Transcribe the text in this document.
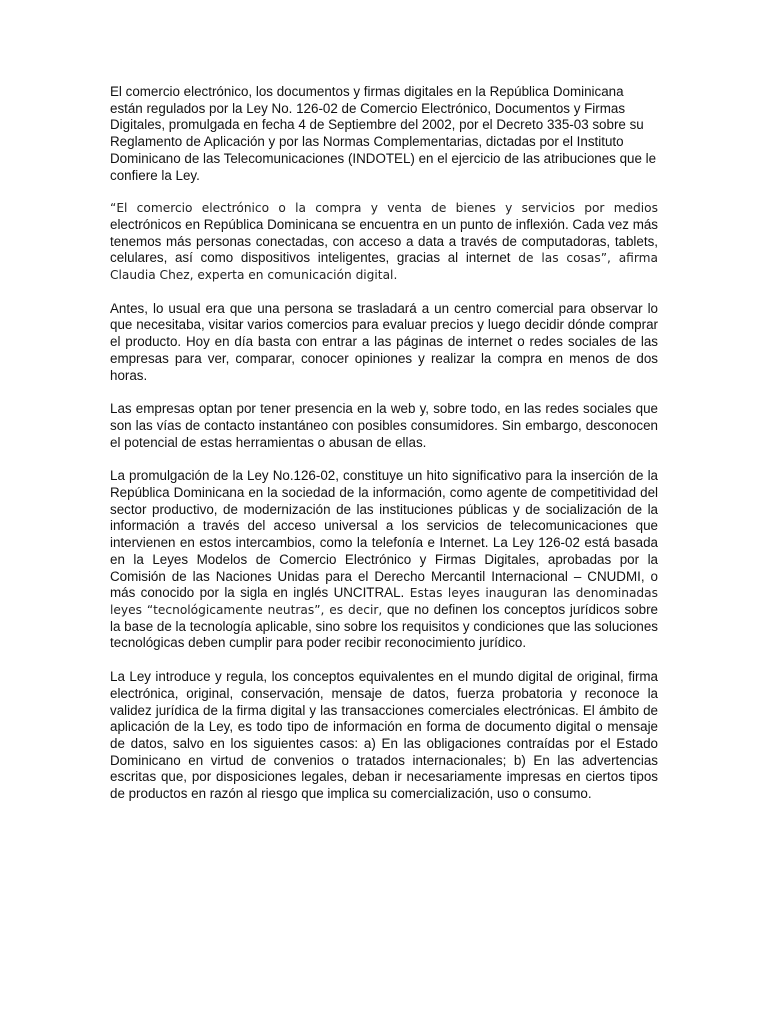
El comercio electrónico, los documentos y firmas digitales en la República Dominicana están regulados por la Ley No. 126-02 de Comercio Electrónico, Documentos y Firmas Digitales, promulgada en fecha 4 de Septiembre del 2002, por el Decreto 335-03 sobre su Reglamento de Aplicación y por las Normas Complementarias, dictadas por el Instituto Dominicano de las Telecomunicaciones (INDOTEL) en el ejercicio de las atribuciones que le confiere la Ley.

“El comercio electrónico o la compra y venta de bienes y servicios por medios electrónicos en República Dominicana se encuentra en un punto de inflexión. Cada vez más tenemos más personas conectadas, con acceso a data a través de computadoras, tablets, celulares, así como dispositivos inteligentes, gracias al internet de las cosas”, afirma Claudia Chez, experta en comunicación digital.

Antes, lo usual era que una persona se trasladará a un centro comercial para observar lo que necesitaba, visitar varios comercios para evaluar precios y luego decidir dónde comprar el producto. Hoy en día basta con entrar a las páginas de internet o redes sociales de las empresas para ver, comparar, conocer opiniones y realizar la compra en menos de dos horas.

Las empresas optan por tener presencia en la web y, sobre todo, en las redes sociales que son las vías de contacto instantáneo con posibles consumidores. Sin embargo, desconocen el potencial de estas herramientas o abusan de ellas.

La promulgación de la Ley No.126-02, constituye un hito significativo para la inserción de la República Dominicana en la sociedad de la información, como agente de competitividad del sector productivo, de modernización de las instituciones públicas y de socialización de la información a través del acceso universal a los servicios de telecomunicaciones que intervienen en estos intercambios, como la telefonía e Internet. La Ley 126-02 está basada en la Leyes Modelos de Comercio Electrónico y Firmas Digitales, aprobadas por la Comisión de las Naciones Unidas para el Derecho Mercantil Internacional – CNUDMI, o más conocido por la sigla en inglés UNCITRAL. Estas leyes inauguran las denominadas leyes “tecnológicamente neutras”, es decir, que no definen los conceptos jurídicos sobre la base de la tecnología aplicable, sino sobre los requisitos y condiciones que las soluciones tecnológicas deben cumplir para poder recibir reconocimiento jurídico.

La Ley introduce y regula, los conceptos equivalentes en el mundo digital de original, firma electrónica, original, conservación, mensaje de datos, fuerza probatoria y reconoce la validez jurídica de la firma digital y las transacciones comerciales electrónicas. El ámbito de aplicación de la Ley, es todo tipo de información en forma de documento digital o mensaje de datos, salvo en los siguientes casos: a) En las obligaciones contraídas por el Estado Dominicano en virtud de convenios o tratados internacionales; b) En las advertencias escritas que, por disposiciones legales, deban ir necesariamente impresas en ciertos tipos de productos en razón al riesgo que implica su comercialización, uso o consumo.
